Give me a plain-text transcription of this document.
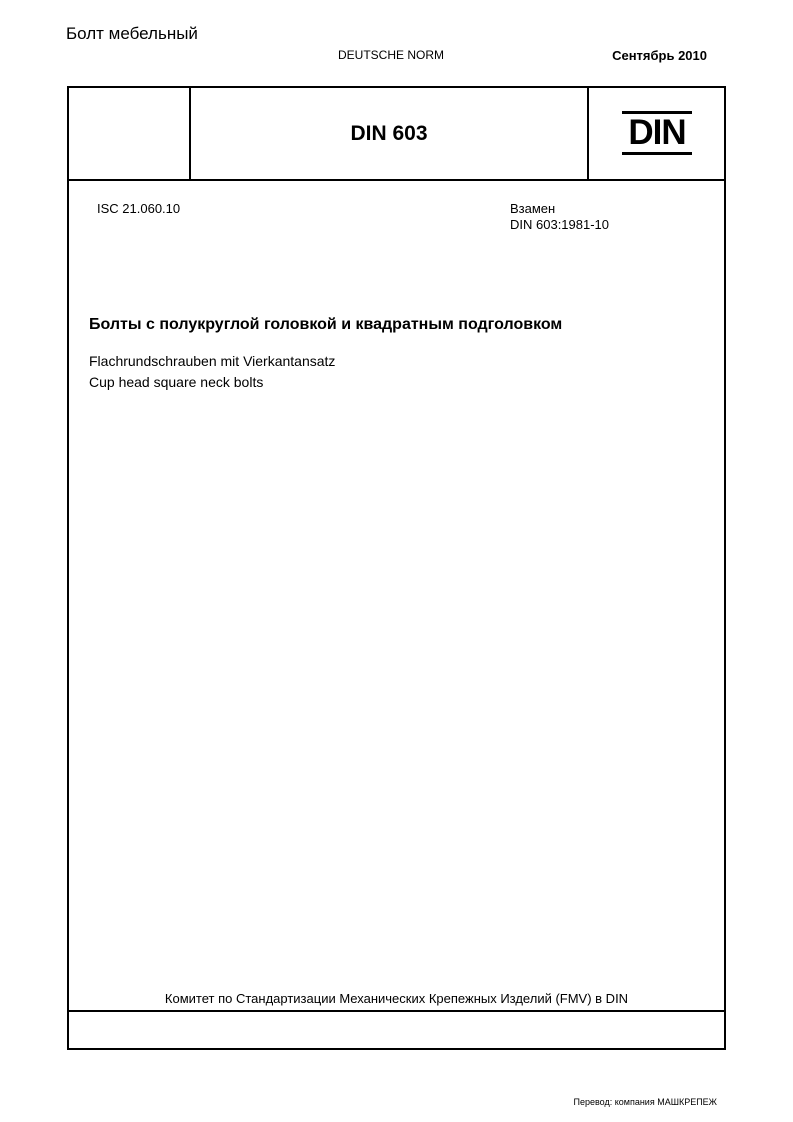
Болт мебельный
DEUTSCHE NORM	Сентябрь 2010
DIN 603	DIN
ISC 21.060.10	Взамен
DIN 603:1981-10
Болты с полукруглой головкой и квадратным подголовком
Flachrundschrauben mit Vierkantansatz
Cup head square neck bolts
Комитет по Стандартизации Механических Крепежных Изделий (FMV) в DIN
Перевод: компания МАШКРЕПЕЖ
